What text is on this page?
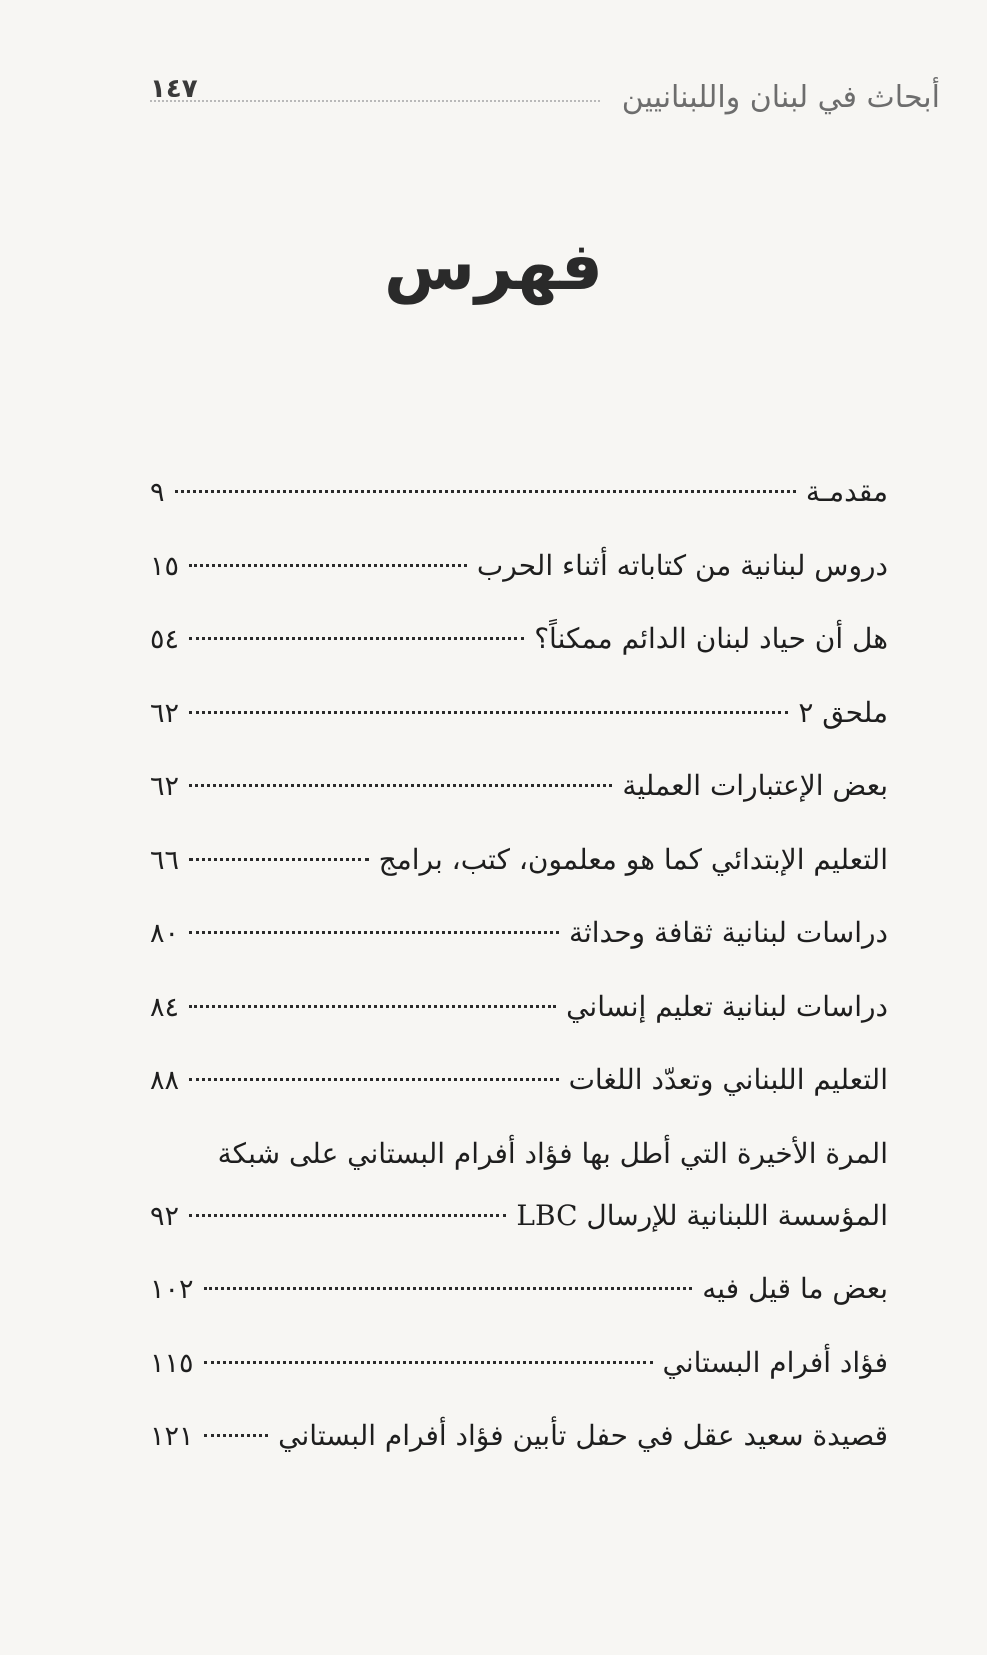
أبحاث في لبنان واللبنانيين
١٤٧
فهرس
مقدمـة
٩
دروس لبنانية من كتاباته أثناء الحرب
١٥
هل أن حياد لبنان الدائم ممكناً؟
٥٤
ملحق ٢
٦٢
بعض الإعتبارات العملية
٦٢
التعليم الإبتدائي كما هو معلمون، كتب، برامج
٦٦
دراسات لبنانية ثقافة وحداثة
٨٠
دراسات لبنانية تعليم إنساني
٨٤
التعليم اللبناني وتعدّد اللغات
٨٨
المرة الأخيرة التي أطل بها فؤاد أفرام البستاني على شبكة
المؤسسة اللبنانية للإرسال LBC
٩٢
بعض ما قيل فيه
١٠٢
فؤاد أفرام البستاني
١١٥
قصيدة سعيد عقل في حفل تأبين فؤاد أفرام البستاني
١٢١
